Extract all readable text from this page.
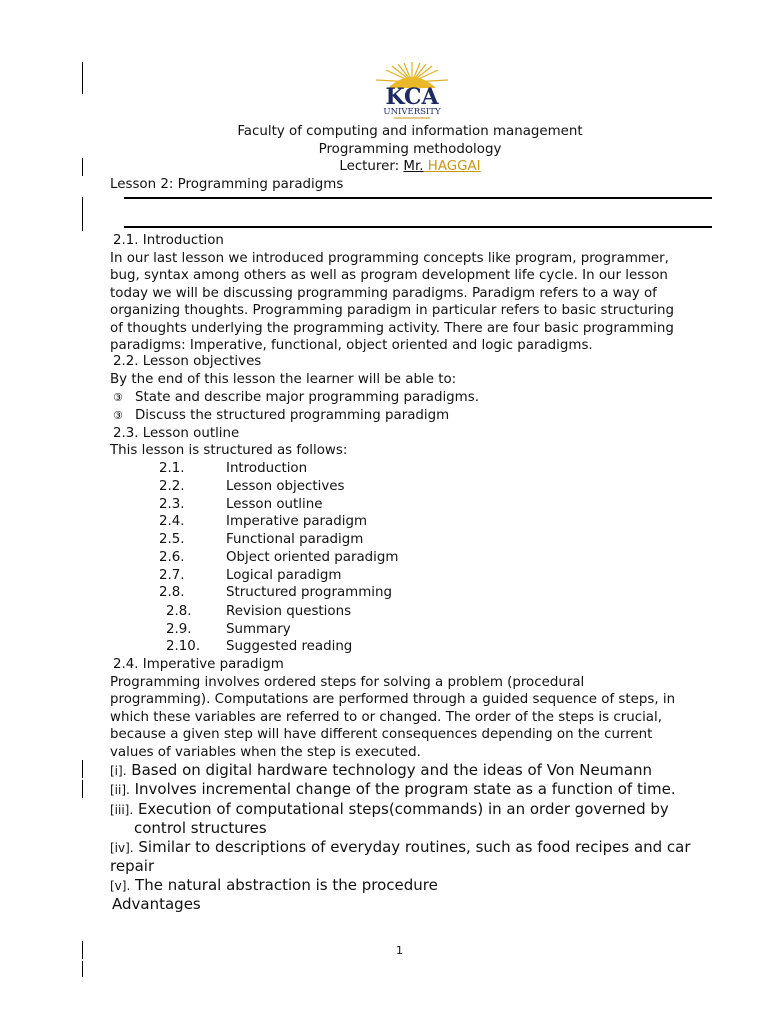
KCA
UNIVERSITY
Faculty of computing and information management
Programming methodology
Lecturer: Mr. HAGGAI
Lesson 2: Programming paradigms
2.1. Introduction
In our last lesson we introduced programming concepts like program, programmer,
bug, syntax among others as well as program development life cycle. In our lesson
today we will be discussing programming paradigms. Paradigm refers to a way of
organizing thoughts. Programming paradigm in particular refers to basic structuring
of thoughts underlying the programming activity. There are four basic programming
paradigms: Imperative, functional, object oriented and logic paradigms.
2.2. Lesson objectives
By the end of this lesson the learner will be able to:
③ State and describe major programming paradigms.
③ Discuss the structured programming paradigm
2.3. Lesson outline
This lesson is structured as follows:
2.1.	Introduction
2.2.	Lesson objectives
2.3.	Lesson outline
2.4.	Imperative paradigm
2.5.	Functional paradigm
2.6.	Object oriented paradigm
2.7.	Logical paradigm
2.8.	Structured programming
2.8.	Revision questions
2.9.	Summary
2.10. Suggested reading
2.4. Imperative paradigm
Programming involves ordered steps for solving a problem (procedural
programming). Computations are performed through a guided sequence of steps, in
which these variables are referred to or changed. The order of the steps is crucial,
because a given step will have different consequences depending on the current
values of variables when the step is executed.
[i]. Based on digital hardware technology and the ideas of Von Neumann
[ii]. Involves incremental change of the program state as a function of time.
[iii]. Execution of computational steps(commands) in an order governed by
control structures
[iv]. Similar to descriptions of everyday routines, such as food recipes and car
repair
[v]. The natural abstraction is the procedure
Advantages
1
